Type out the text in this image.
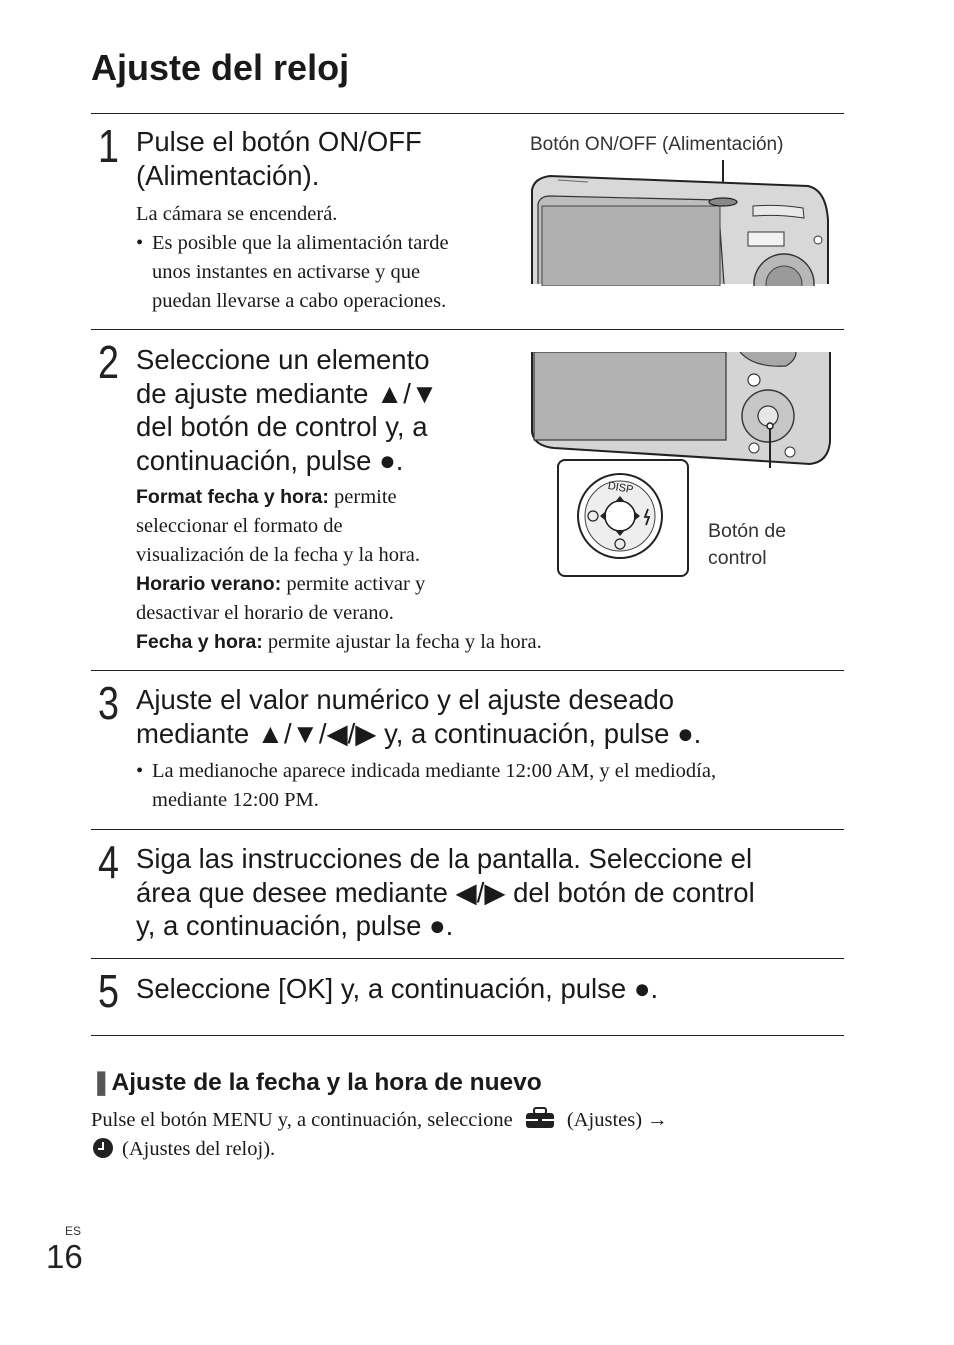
Ajuste del reloj
1 Pulse el botón ON/OFF
(Alimentación).
La cámara se encenderá.
• Es posible que la alimentación tarde
unos instantes en activarse y que
puedan llevarse a cabo operaciones.
Botón ON/OFF (Alimentación)
2 Seleccione un elemento
de ajuste mediante ▲/▼
del botón de control y, a
continuación, pulse ●.
Format fecha y hora: permite
seleccionar el formato de
visualización de la fecha y la hora.
Horario verano: permite activar y
desactivar el horario de verano.
Fecha y hora: permite ajustar la fecha y la hora.
DISP
Botón de
control
3 Ajuste el valor numérico y el ajuste deseado
mediante ▲/▼/◀/▶ y, a continuación, pulse ●.
• La medianoche aparece indicada mediante 12:00 AM, y el mediodía,
mediante 12:00 PM.
4 Siga las instrucciones de la pantalla. Seleccione el
área que desee mediante ◀/▶ del botón de control
y, a continuación, pulse ●.
5 Seleccione [OK] y, a continuación, pulse ●.
❚Ajuste de la fecha y la hora de nuevo
Pulse el botón MENU y, a continuación, seleccione	(Ajustes) →
(Ajustes del reloj).
ES
16
